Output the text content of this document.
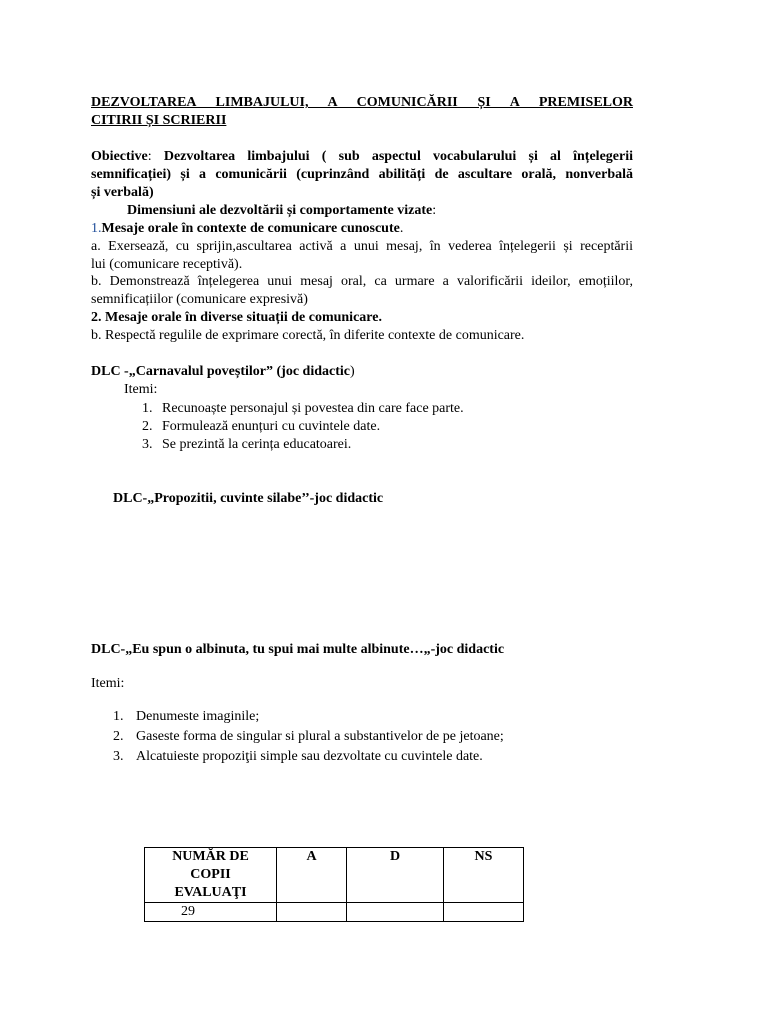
DEZVOLTAREA LIMBAJULUI, A COMUNICĂRII ȘI A PREMISELOR
CITIRII ȘI SCRIERII
Obiective: Dezvoltarea limbajului ( sub aspectul vocabularului și al înțelegerii
semnificației) și a comunicării (cuprinzând abilități de ascultare orală, nonverbală
și verbală)
Dimensiuni ale dezvoltării și comportamente vizate:
1.Mesaje orale în contexte de comunicare cunoscute.
a. Exersează, cu sprijin,ascultarea activă a unui mesaj, în vederea înțelegerii și receptării
lui (comunicare receptivă).
b. Demonstrează înțelegerea unui mesaj oral, ca urmare a valorificării ideilor, emoțiilor,
semnificațiilor (comunicare expresivă)
2. Mesaje orale în diverse situații de comunicare.
b. Respectă regulile de exprimare corectă, în diferite contexte de comunicare.
DLC -„Carnavalul poveștilor” (joc didactic)
Itemi:
1. Recunoaște personajul și povestea din care face parte.
2. Formulează enunțuri cu cuvintele date.
3. Se prezintă la cerința educatoarei.
DLC-„Propozitii, cuvinte silabe’’-joc didactic
DLC-„Eu spun o albinuta, tu spui mai multe albinute…„-joc didactic
Itemi:
1. Denumeste imaginile;
2. Gaseste forma de singular si plural a substantivelor de pe jetoane;
3. Alcatuieste propoziţii simple sau dezvoltate cu cuvintele date.
NUMĂR DE
COPII
EVALUAŢI	A	D	NS
29			
